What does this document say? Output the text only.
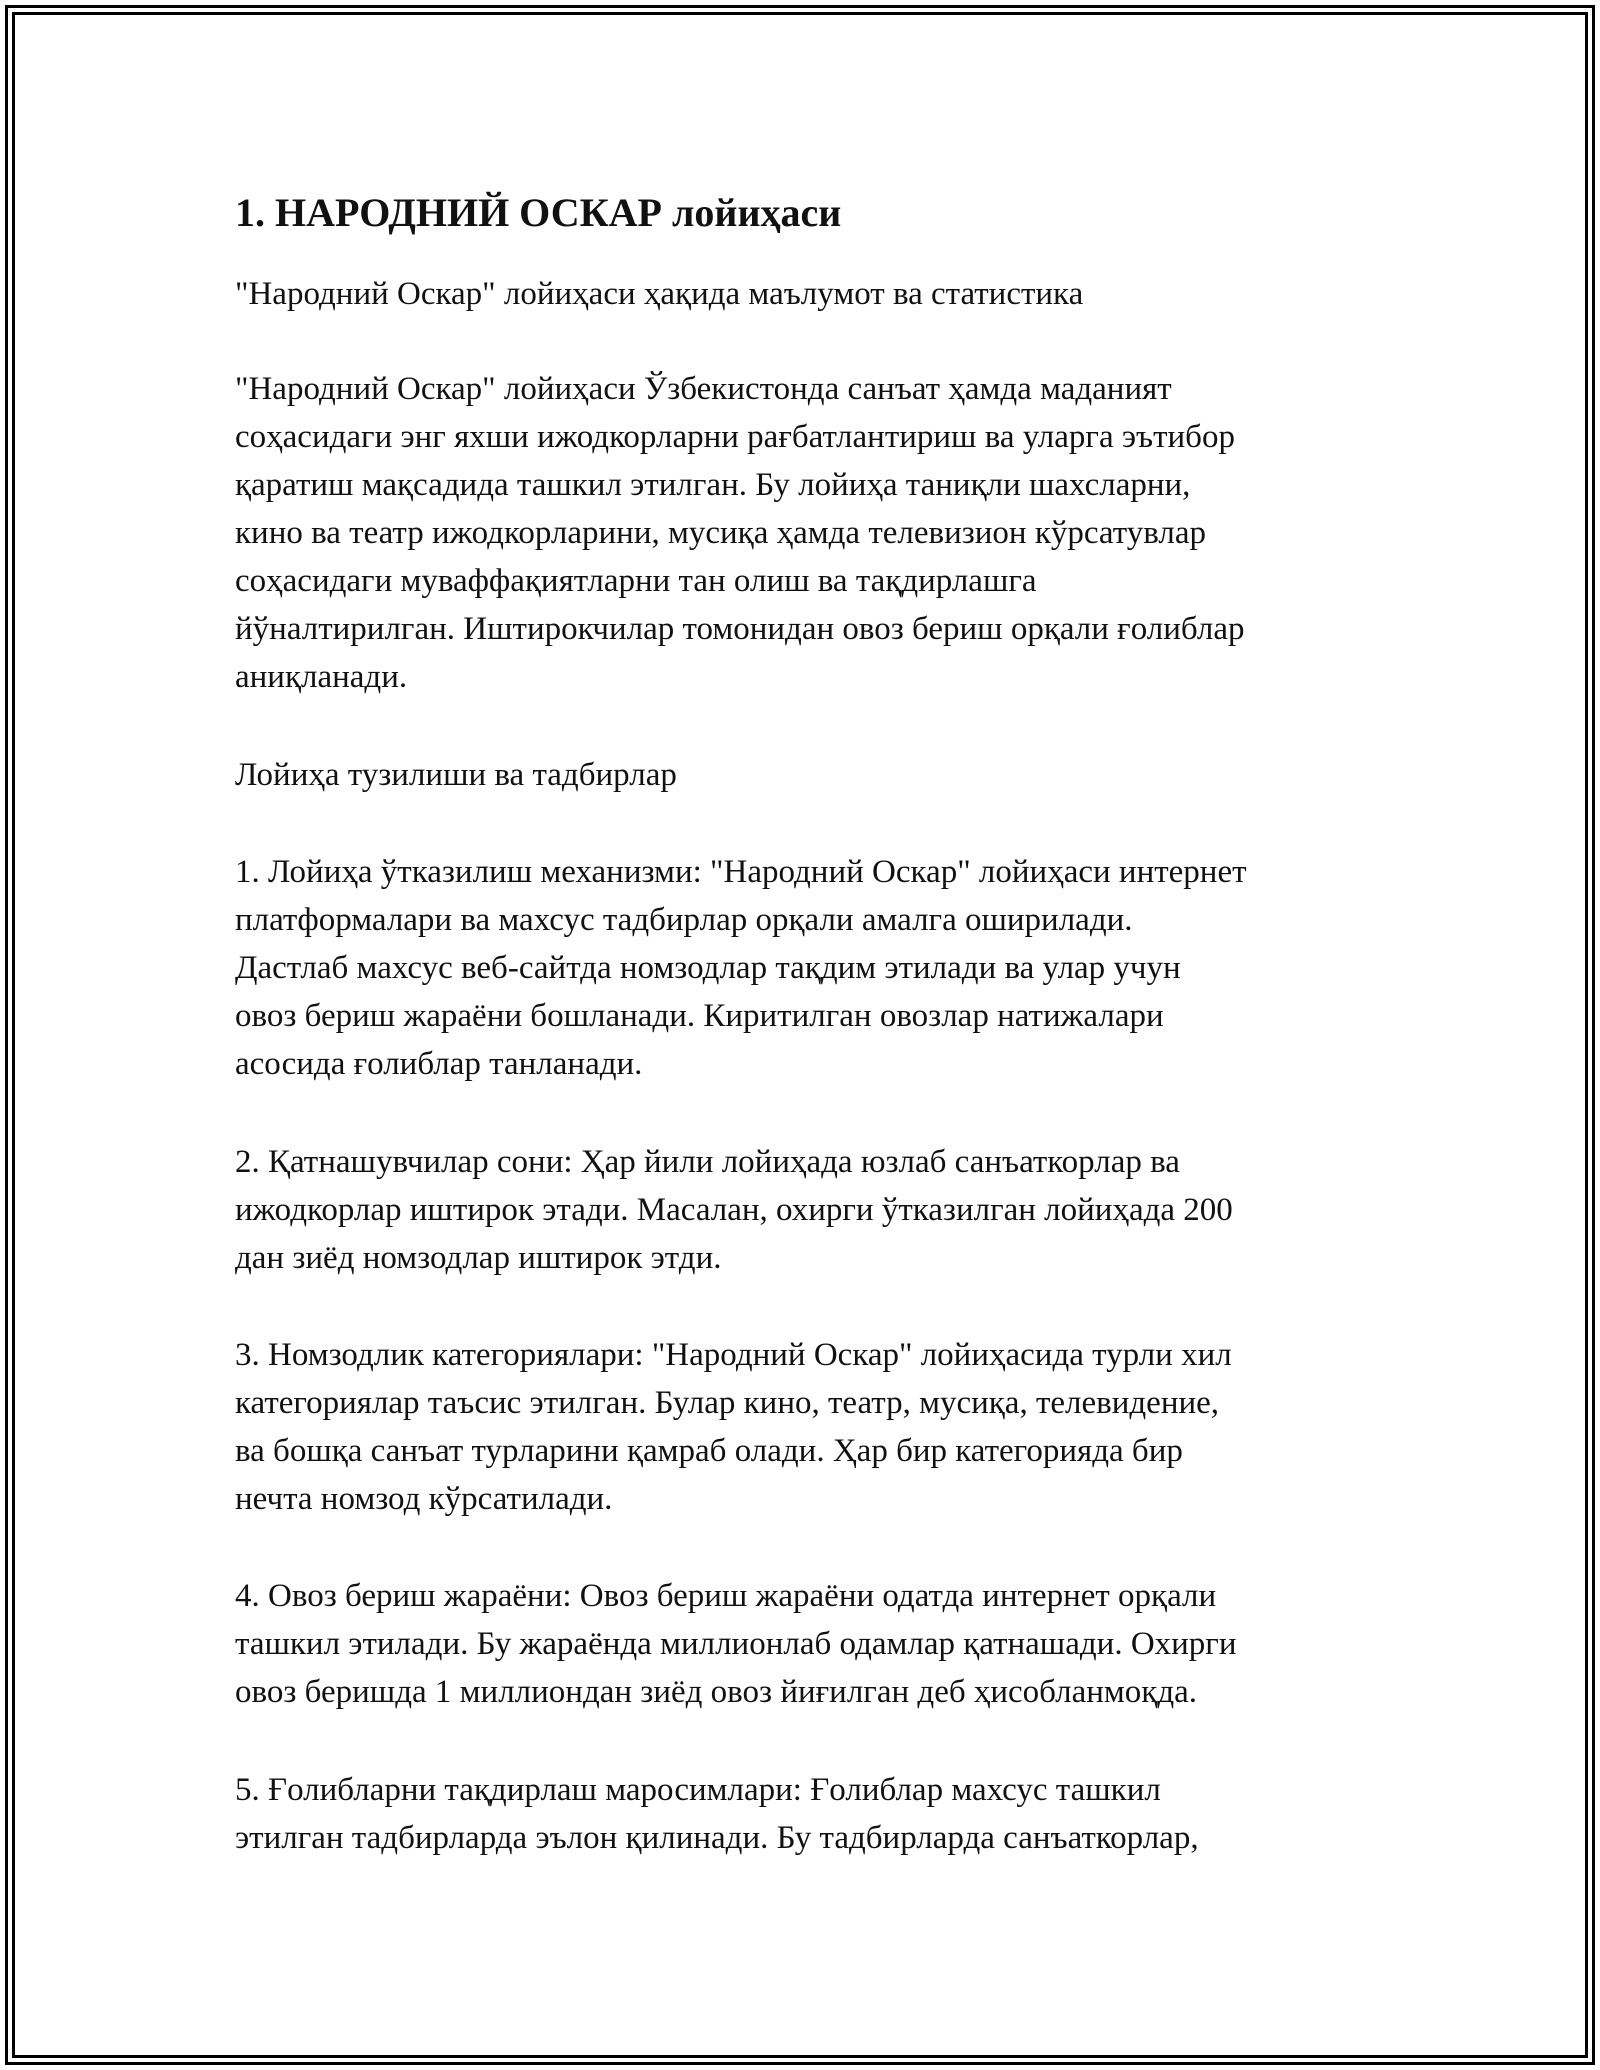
1. НАРОДНИЙ ОСКАР лойиҳаси

"Народний Оскар" лойиҳаси ҳақида маълумот ва статистика

"Народний Оскар" лойиҳаси Ўзбекистонда санъат ҳамда маданият

соҳасидаги энг яхши ижодкорларни рағбатлантириш ва уларга эътибор

қаратиш мақсадида ташкил этилган. Бу лойиҳа таниқли шахсларни,

кино ва театр ижодкорларини, мусиқа ҳамда телевизион кўрсатувлар

соҳасидаги муваффақиятларни тан олиш ва тақдирлашга

йўналтирилган. Иштирокчилар томонидан овоз бериш орқали ғолиблар

аниқланади.

Лойиҳа тузилиши ва тадбирлар

1. Лойиҳа ўтказилиш механизми: "Народний Оскар" лойиҳаси интернет

платформалари ва махсус тадбирлар орқали амалга оширилади.

Дастлаб махсус веб-сайтда номзодлар тақдим этилади ва улар учун

овоз бериш жараёни бошланади. Киритилган овозлар натижалари

асосида ғолиблар танланади.

2. Қатнашувчилар сони: Ҳар йили лойиҳада юзлаб санъаткорлар ва

ижодкорлар иштирок этади. Масалан, охирги ўтказилган лойиҳада 200

дан зиёд номзодлар иштирок этди.

3. Номзодлик категориялари: "Народний Оскар" лойиҳасида турли хил

категориялар таъсис этилган. Булар кино, театр, мусиқа, телевидение,

ва бошқа санъат турларини қамраб олади. Ҳар бир категорияда бир

нечта номзод кўрсатилади.

4. Овоз бериш жараёни: Овоз бериш жараёни одатда интернет орқали

ташкил этилади. Бу жараёнда миллионлаб одамлар қатнашади. Охирги

овоз беришда 1 миллиондан зиёд овоз йиғилган деб ҳисобланмоқда.

5. Ғолибларни тақдирлаш маросимлари: Ғолиблар махсус ташкил

этилган тадбирларда эълон қилинади. Бу тадбирларда санъаткорлар,
